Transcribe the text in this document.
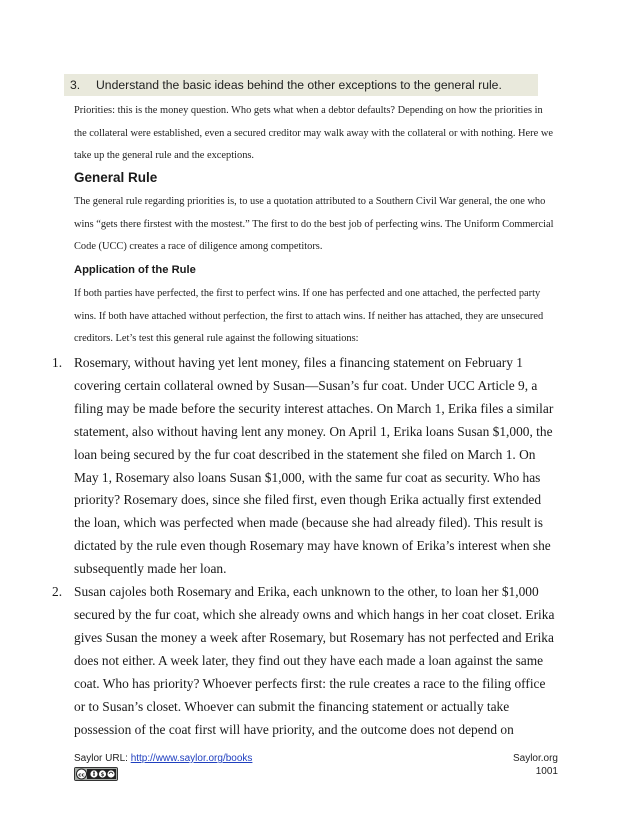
3. Understand the basic ideas behind the other exceptions to the general rule.
Priorities: this is the money question. Who gets what when a debtor defaults? Depending on how the priorities in the collateral were established, even a secured creditor may walk away with the collateral or with nothing. Here we take up the general rule and the exceptions.
General Rule
The general rule regarding priorities is, to use a quotation attributed to a Southern Civil War general, the one who wins “gets there firstest with the mostest.” The first to do the best job of perfecting wins. The Uniform Commercial Code (UCC) creates a race of diligence among competitors.
Application of the Rule
If both parties have perfected, the first to perfect wins. If one has perfected and one attached, the perfected party wins. If both have attached without perfection, the first to attach wins. If neither has attached, they are unsecured creditors. Let’s test this general rule against the following situations:
1. Rosemary, without having yet lent money, files a financing statement on February 1 covering certain collateral owned by Susan—Susan’s fur coat. Under UCC Article 9, a filing may be made before the security interest attaches. On March 1, Erika files a similar statement, also without having lent any money. On April 1, Erika loans Susan $1,000, the loan being secured by the fur coat described in the statement she filed on March 1. On May 1, Rosemary also loans Susan $1,000, with the same fur coat as security. Who has priority? Rosemary does, since she filed first, even though Erika actually first extended the loan, which was perfected when made (because she had already filed). This result is dictated by the rule even though Rosemary may have known of Erika’s interest when she subsequently made her loan.
2. Susan cajoles both Rosemary and Erika, each unknown to the other, to loan her $1,000 secured by the fur coat, which she already owns and which hangs in her coat closet. Erika gives Susan the money a week after Rosemary, but Rosemary has not perfected and Erika does not either. A week later, they find out they have each made a loan against the same coat. Who has priority? Whoever perfects first: the rule creates a race to the filing office or to Susan’s closet. Whoever can submit the financing statement or actually take possession of the coat first will have priority, and the outcome does not depend on
Saylor URL: http://www.saylor.org/books
cc	$
Saylor.org
1001
